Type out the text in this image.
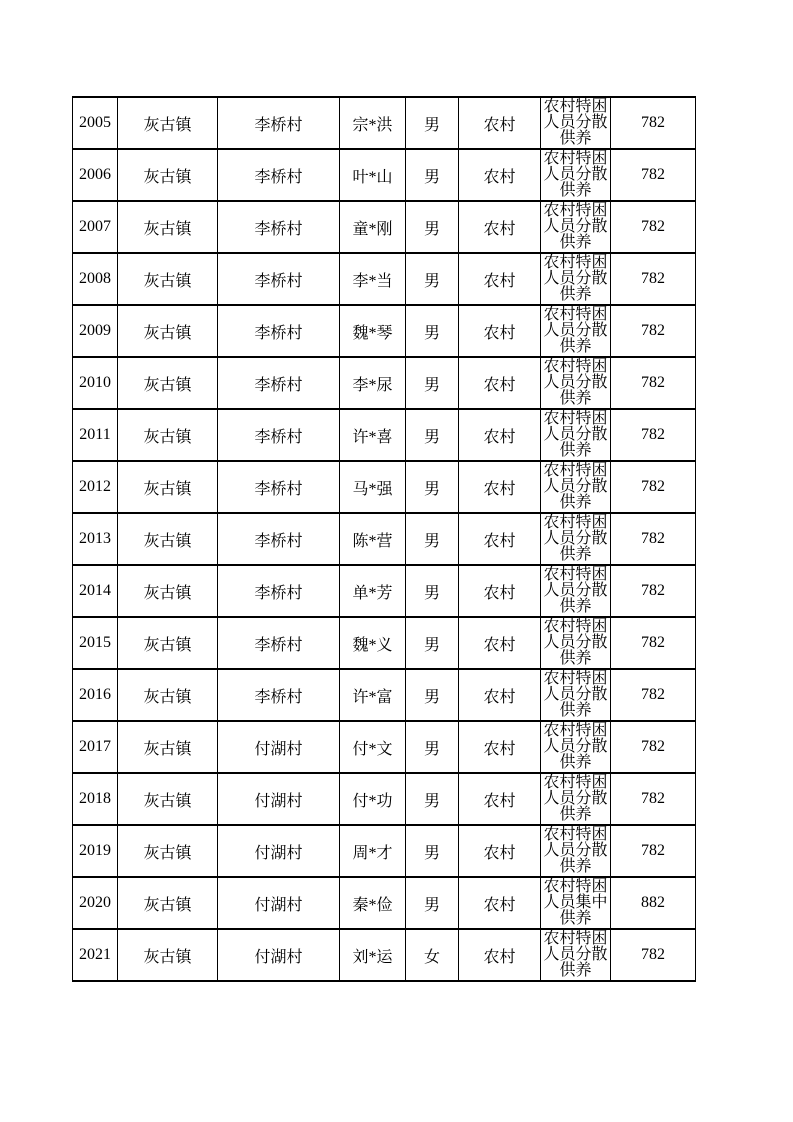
2005	灰古镇	李桥村	宗*洪	男	农村	农村特困人员分散供养	782
2006	灰古镇	李桥村	叶*山	男	农村	农村特困人员分散供养	782
2007	灰古镇	李桥村	童*刚	男	农村	农村特困人员分散供养	782
2008	灰古镇	李桥村	李*当	男	农村	农村特困人员分散供养	782
2009	灰古镇	李桥村	魏*琴	男	农村	农村特困人员分散供养	782
2010	灰古镇	李桥村	李*尿	男	农村	农村特困人员分散供养	782
2011	灰古镇	李桥村	许*喜	男	农村	农村特困人员分散供养	782
2012	灰古镇	李桥村	马*强	男	农村	农村特困人员分散供养	782
2013	灰古镇	李桥村	陈*营	男	农村	农村特困人员分散供养	782
2014	灰古镇	李桥村	单*芳	男	农村	农村特困人员分散供养	782
2015	灰古镇	李桥村	魏*义	男	农村	农村特困人员分散供养	782
2016	灰古镇	李桥村	许*富	男	农村	农村特困人员分散供养	782
2017	灰古镇	付湖村	付*文	男	农村	农村特困人员分散供养	782
2018	灰古镇	付湖村	付*功	男	农村	农村特困人员分散供养	782
2019	灰古镇	付湖村	周*才	男	农村	农村特困人员分散供养	782
2020	灰古镇	付湖村	秦*俭	男	农村	农村特困人员集中供养	882
2021	灰古镇	付湖村	刘*运	女	农村	农村特困人员分散供养	782
